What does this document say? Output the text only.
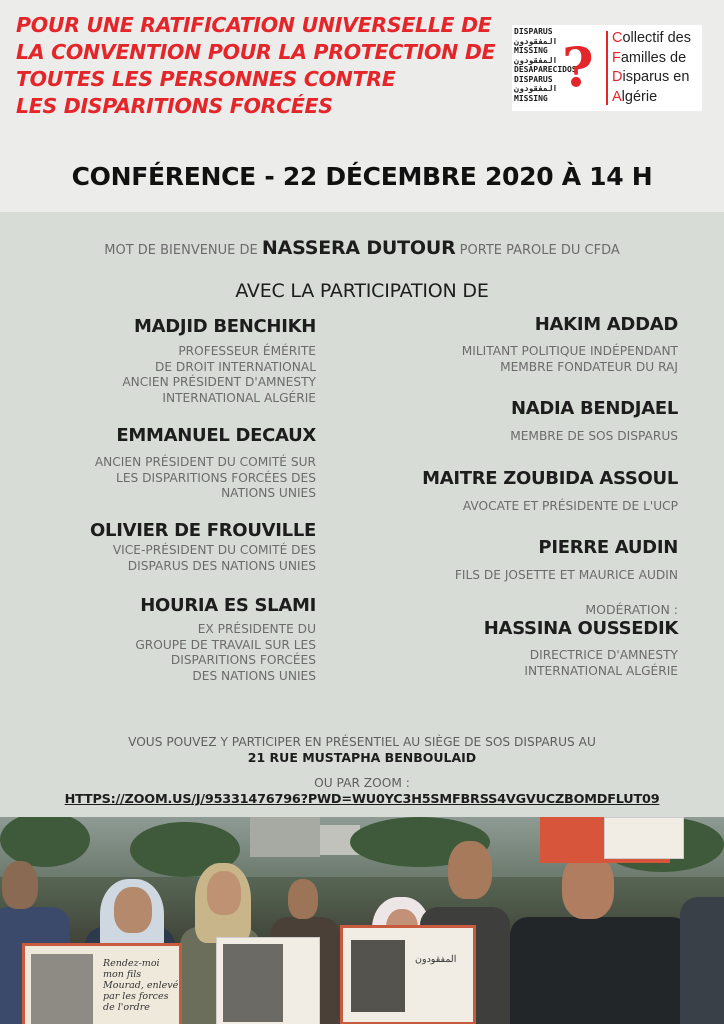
POUR UNE RATIFICATION UNIVERSELLE DE
LA CONVENTION POUR LA PROTECTION DE
TOUTES LES PERSONNES CONTRE
LES DISPARITIONS FORCÉES
DISPARUS
المفقودون
MISSING
المفقودون
DESAPARECIDOS
DISPARUS
المفقودون
MISSING ? Collectif des
Familles de
Disparus en
Algérie
CONFÉRENCE - 22 DÉCEMBRE 2020 À 14 H
MOT DE BIENVENUE DE NASSERA DUTOUR PORTE PAROLE DU CFDA
AVEC LA PARTICIPATION DE
MADJID BENCHIKH
PROFESSEUR ÉMÉRITE
DE DROIT INTERNATIONAL
ANCIEN PRÉSIDENT D'AMNESTY
INTERNATIONAL ALGÉRIE
EMMANUEL DECAUX
ANCIEN PRÉSIDENT DU COMITÉ SUR
LES DISPARITIONS FORCÉES DES
NATIONS UNIES
OLIVIER DE FROUVILLE
VICE-PRÉSIDENT DU COMITÉ DES
DISPARUS DES NATIONS UNIES
HOURIA ES SLAMI
EX PRÉSIDENTE DU
GROUPE DE TRAVAIL SUR LES
DISPARITIONS FORCÉES
DES NATIONS UNIES
HAKIM ADDAD
MILITANT POLITIQUE INDÉPENDANT
MEMBRE FONDATEUR DU RAJ
NADIA BENDJAEL
MEMBRE DE SOS DISPARUS
MAITRE ZOUBIDA ASSOUL
AVOCATE ET PRÉSIDENTE DE L'UCP
PIERRE AUDIN
FILS DE JOSETTE ET MAURICE AUDIN
MODÉRATION :
HASSINA OUSSEDIK
DIRECTRICE D'AMNESTY
INTERNATIONAL ALGÉRIE
VOUS POUVEZ Y PARTICIPER EN PRÉSENTIEL AU SIÈGE DE SOS DISPARUS AU
21 RUE MUSTAPHA BENBOULAID
OU PAR ZOOM :
HTTPS://ZOOM.US/J/95331476796?PWD=WU0YC3H5SMFBRSS4VGVUCZBOMDFLUT09
Rendez-moi
mon fils
Mourad, enlevé
par les forces
de l'ordre
المفقودون
